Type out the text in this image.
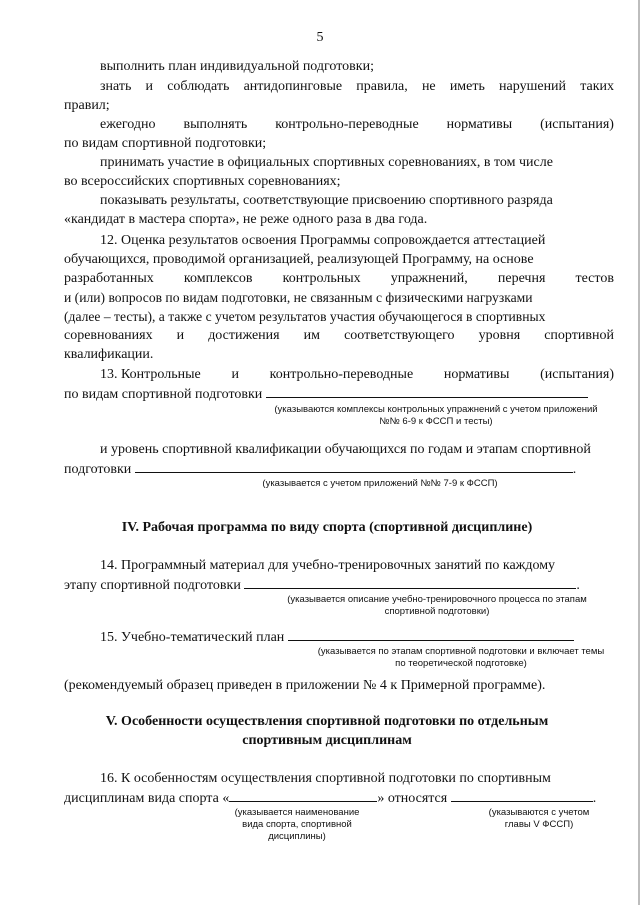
5
выполнить план индивидуальной подготовки;
знать и соблюдать антидопинговые правила, не иметь нарушений таких
правил;
ежегодно выполнять контрольно-переводные нормативы (испытания)
по видам спортивной подготовки;
принимать участие в официальных спортивных соревнованиях, в том числе
во всероссийских спортивных соревнованиях;
показывать результаты, соответствующие присвоению спортивного разряда
«кандидат в мастера спорта», не реже одного раза в два года.
12. Оценка результатов освоения Программы сопровождается аттестацией
обучающихся, проводимой организацией, реализующей Программу, на основе
разработанных комплексов контрольных упражнений, перечня тестов
и (или) вопросов по видам подготовки, не связанным с физическими нагрузками
(далее – тесты), а также с учетом результатов участия обучающегося в спортивных
соревнованиях и достижения им соответствующего уровня спортивной
квалификации.
13. Контрольные и контрольно-переводные нормативы (испытания)
по видам спортивной подготовки
(указываются комплексы контрольных упражнений с учетом приложений
№№ 6-9 к ФССП и тесты)
и уровень спортивной квалификации обучающихся по годам и этапам спортивной
подготовки	.
(указывается с учетом приложений №№ 7-9 к ФССП)
IV. Рабочая программа по виду спорта (спортивной дисциплине)
14. Программный материал для учебно-тренировочных занятий по каждому
этапу спортивной подготовки	.
(указывается описание учебно-тренировочного процесса по этапам
спортивной подготовки)
15. Учебно-тематический план
(указывается по этапам спортивной подготовки и включает темы
по теоретической подготовке)
(рекомендуемый образец приведен в приложении № 4 к Примерной программе).
V. Особенности осуществления спортивной подготовки по отдельным
спортивным дисциплинам
16. К особенностям осуществления спортивной подготовки по спортивным
дисциплинам вида спорта «	» относятся	.
(указывается наименование
вида спорта, спортивной
дисциплины)
(указываются с учетом
главы V ФССП)
